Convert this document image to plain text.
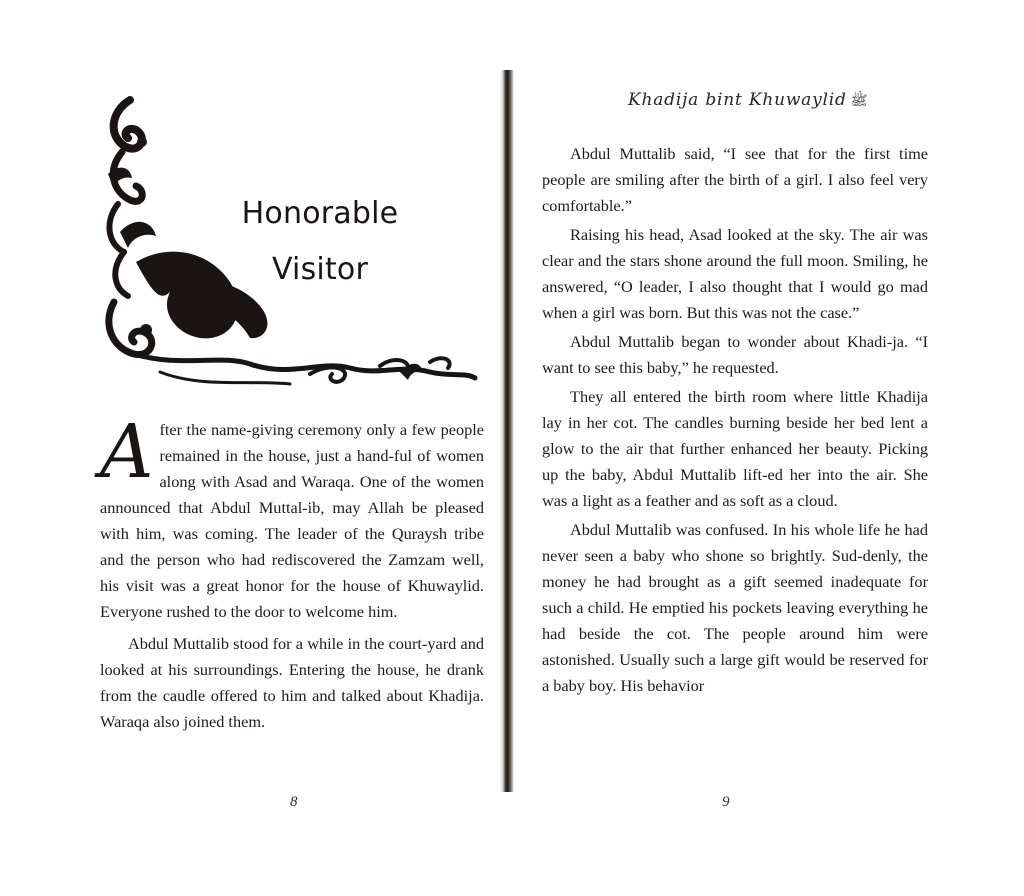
Honorable
Visitor

After the name-giving ceremony only a few people remained in the house, just a hand-ful of women along with Asad and Waraqa. One of the women announced that Abdul Muttal-ib, may Allah be pleased with him, was coming. The leader of the Quraysh tribe and the person who had rediscovered the Zamzam well, his visit was a great honor for the house of Khuwaylid. Everyone rushed to the door to welcome him.

Abdul Muttalib stood for a while in the court-yard and looked at his surroundings. Entering the house, he drank from the caudle offered to him and talked about Khadija. Waraqa also joined them.

8
Khadija bint Khuwaylid ﷺ

Abdul Muttalib said, “I see that for the first time people are smiling after the birth of a girl. I also feel very comfortable.”

Raising his head, Asad looked at the sky. The air was clear and the stars shone around the full moon. Smiling, he answered, “O leader, I also thought that I would go mad when a girl was born. But this was not the case.”

Abdul Muttalib began to wonder about Khadi-ja. “I want to see this baby,” he requested.

They all entered the birth room where little Khadija lay in her cot. The candles burning beside her bed lent a glow to the air that further enhanced her beauty. Picking up the baby, Abdul Muttalib lift-ed her into the air. She was a light as a feather and as soft as a cloud.

Abdul Muttalib was confused. In his whole life he had never seen a baby who shone so brightly. Sud-denly, the money he had brought as a gift seemed inadequate for such a child. He emptied his pockets leaving everything he had beside the cot. The people around him were astonished. Usually such a large gift would be reserved for a baby boy. His behavior

9
